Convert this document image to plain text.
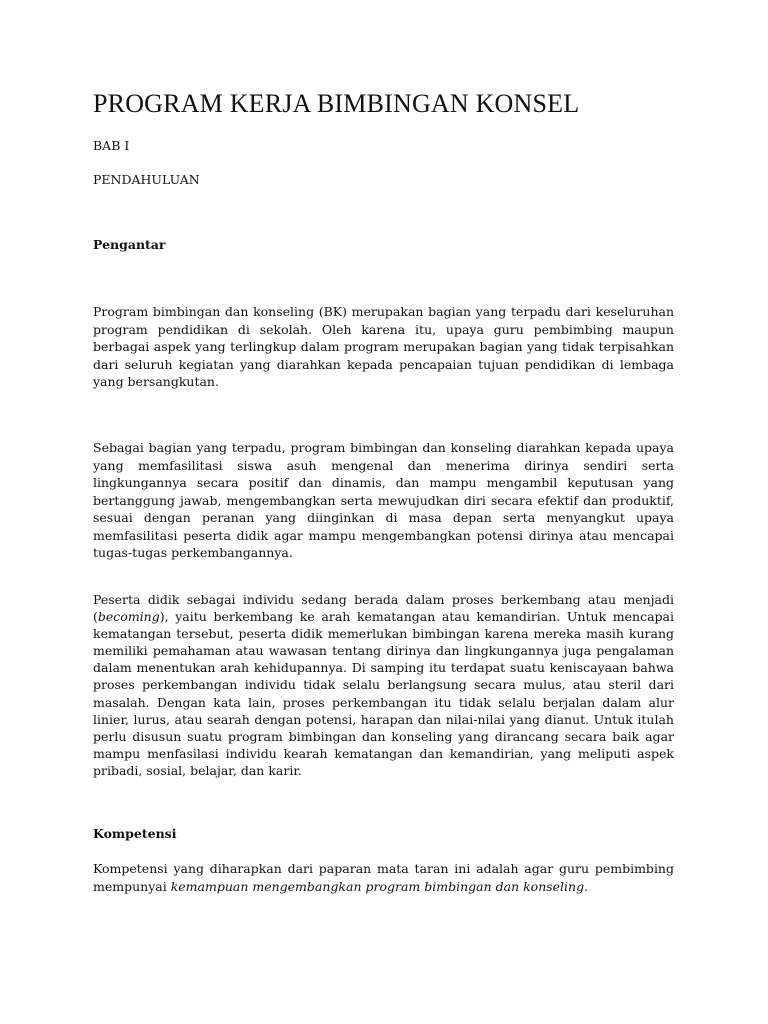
PROGRAM KERJA BIMBINGAN KONSEL

BAB I

PENDAHULUAN

Pengantar

Program bimbingan dan konseling (BK) merupakan bagian yang terpadu dari keseluruhan program pendidikan di sekolah. Oleh karena itu, upaya guru pembimbing maupun berbagai aspek yang terlingkup dalam program merupakan bagian yang tidak terpisahkan dari seluruh kegiatan yang diarahkan kepada pencapaian tujuan pendidikan di lembaga yang bersangkutan.

Sebagai bagian yang terpadu, program bimbingan dan konseling diarahkan kepada upaya yang memfasilitasi siswa asuh mengenal dan menerima dirinya sendiri serta lingkungannya secara positif dan dinamis, dan mampu mengambil keputusan yang bertanggung jawab, mengembangkan serta mewujudkan diri secara efektif dan produktif, sesuai dengan peranan yang diinginkan di masa depan serta menyangkut upaya memfasilitasi peserta didik agar mampu mengembangkan potensi dirinya atau mencapai tugas-tugas perkembangannya.

Peserta didik sebagai individu sedang berada dalam proses berkembang atau menjadi (becoming), yaitu berkembang ke arah kematangan atau kemandirian. Untuk mencapai kematangan tersebut, peserta didik memerlukan bimbingan karena mereka masih kurang memiliki pemahaman atau wawasan tentang dirinya dan lingkungannya juga pengalaman dalam menentukan arah kehidupannya. Di samping itu terdapat suatu keniscayaan bahwa proses perkembangan individu tidak selalu berlangsung secara mulus, atau steril dari masalah. Dengan kata lain, proses perkembangan itu tidak selalu berjalan dalam alur linier, lurus, atau searah dengan potensi, harapan dan nilai-nilai yang dianut. Untuk itulah perlu disusun suatu program bimbingan dan konseling yang dirancang secara baik agar mampu menfasilasi individu kearah kematangan dan kemandirian, yang meliputi aspek pribadi, sosial, belajar, dan karir.

Kompetensi

Kompetensi yang diharapkan dari paparan mata taran ini adalah agar guru pembimbing mempunyai kemampuan mengembangkan program bimbingan dan konseling.
